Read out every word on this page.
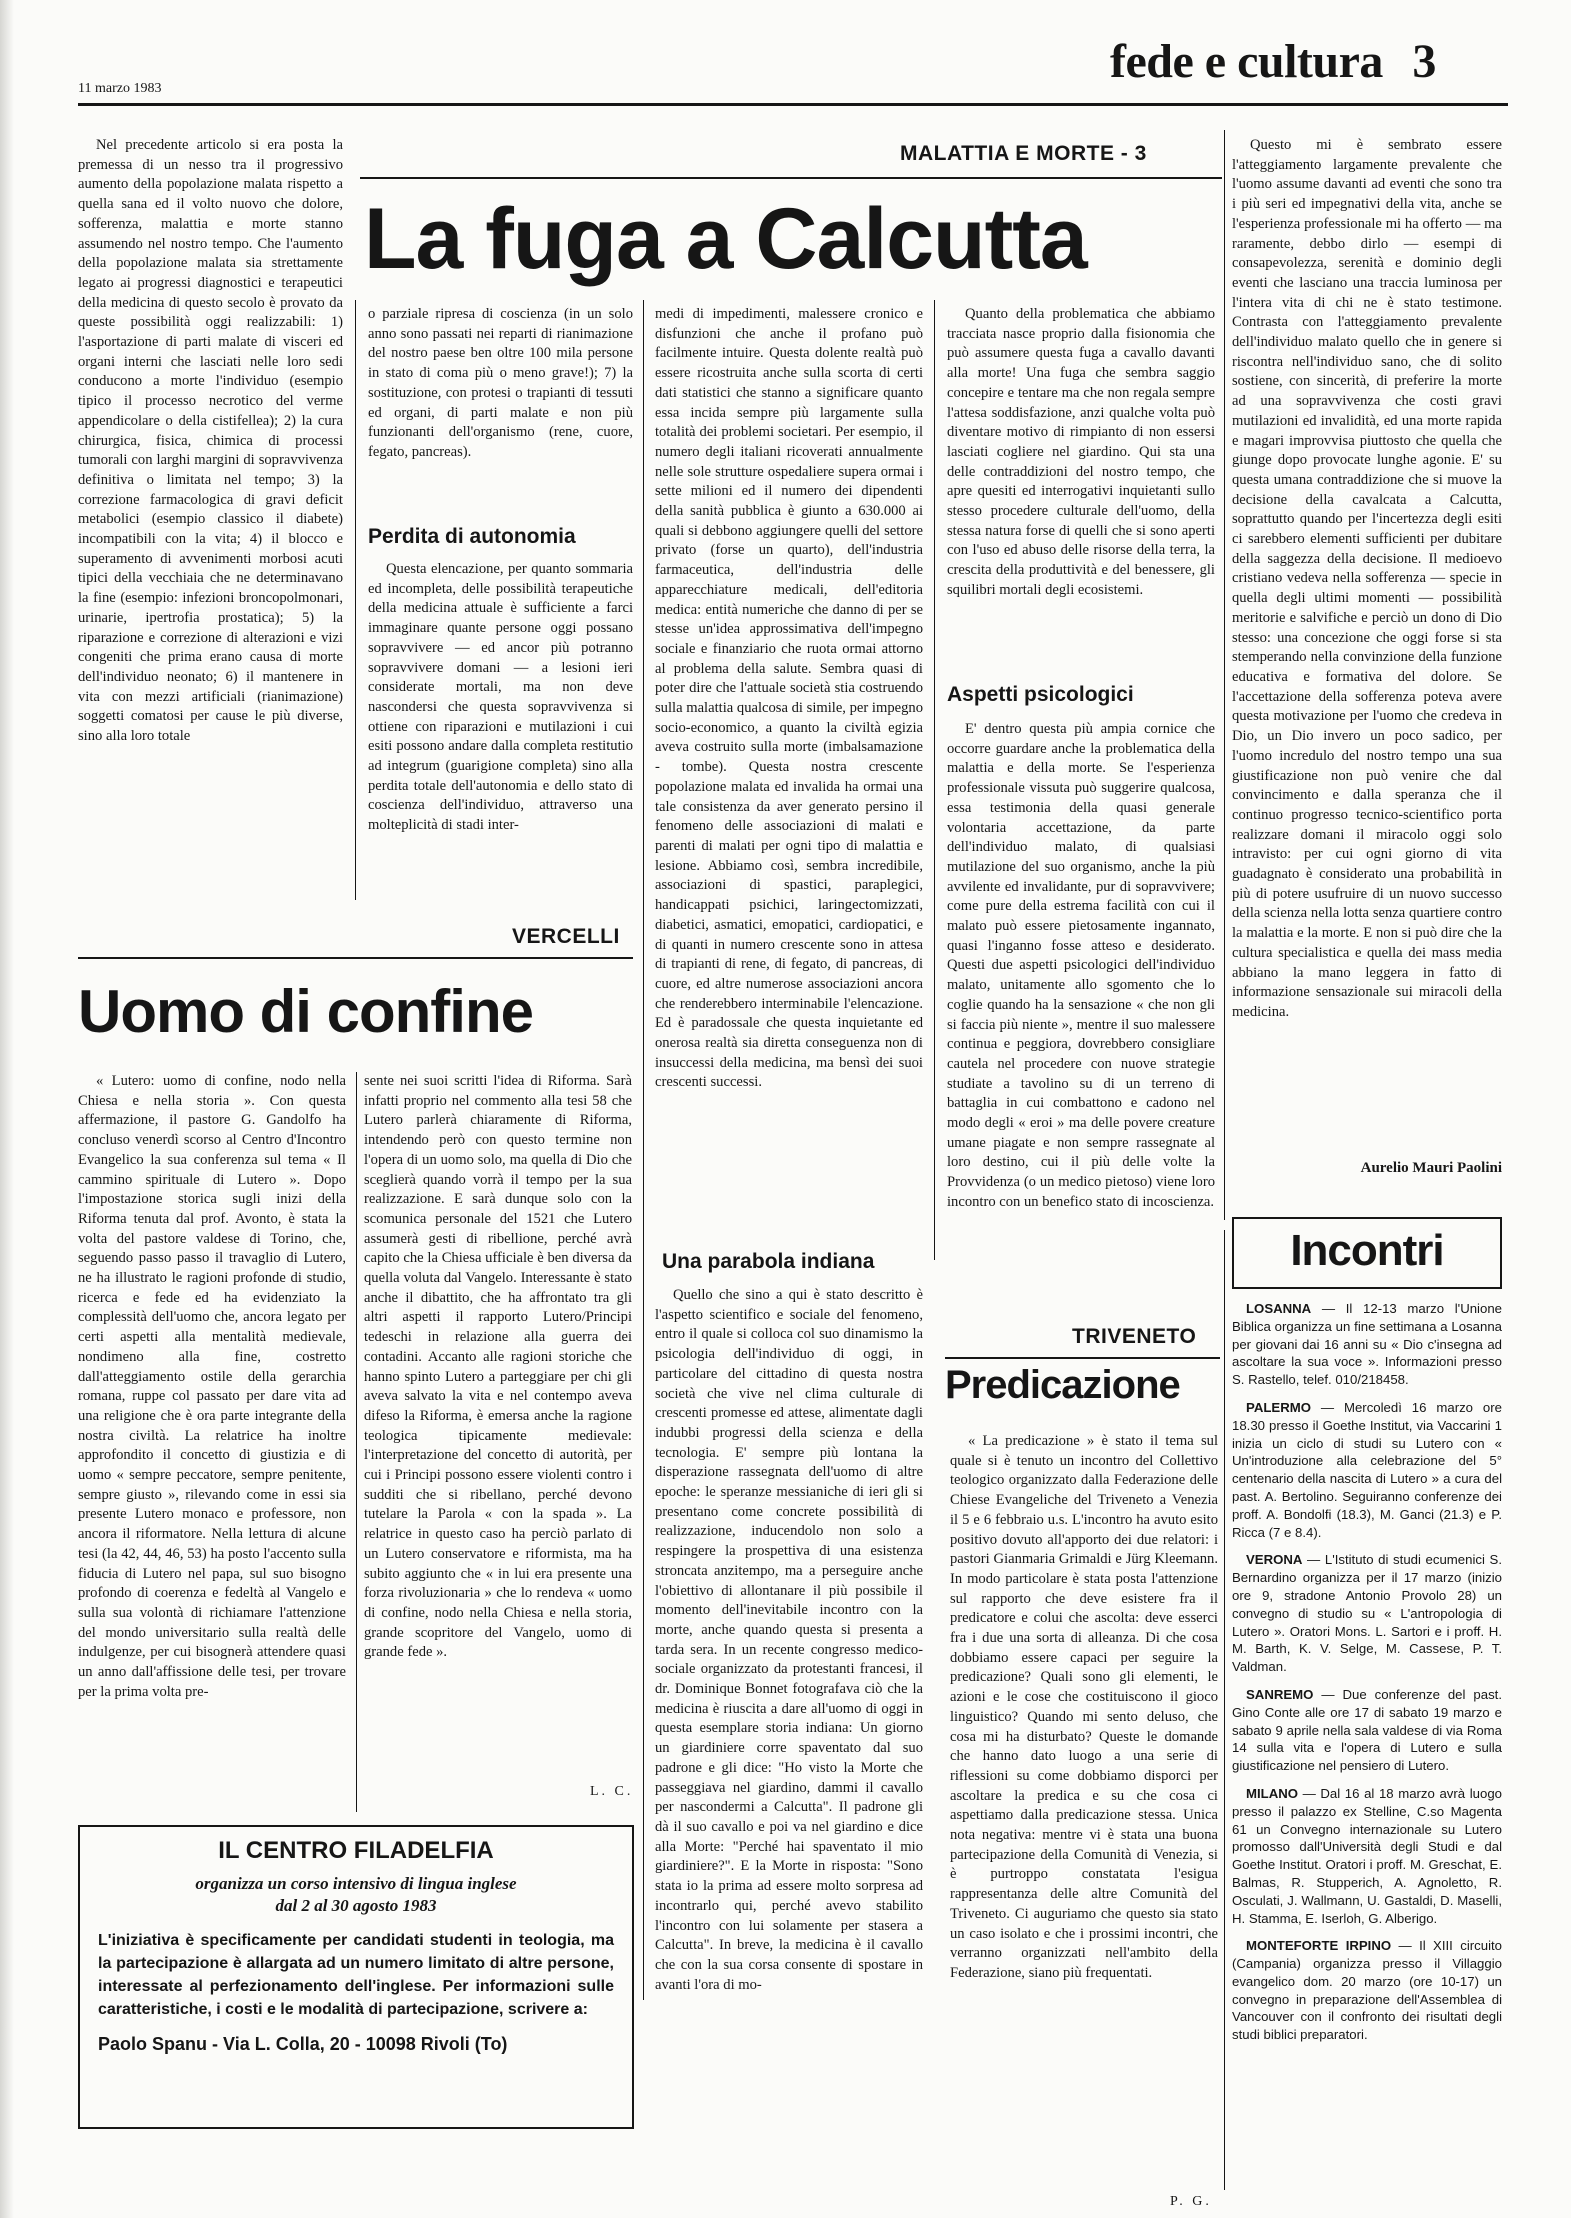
11 marzo 1983
fede e cultura 3
MALATTIA E MORTE - 3
La fuga a Calcutta

Nel precedente articolo si era posta la premessa di un nesso tra il progressivo aumento della popolazione malata rispetto a quella sana ed il volto nuovo che dolore, sofferenza, malattia e morte stanno assumendo nel nostro tempo. Che l'aumento della popolazione malata sia strettamente legato ai progressi diagnostici e terapeutici della medicina di questo secolo è provato da queste possibilità oggi realizzabili: 1) l'asportazione di parti malate di visceri ed organi interni che lasciati nelle loro sedi conducono a morte l'individuo (esempio tipico il processo necrotico del verme appendicolare o della cistifellea); 2) la cura chirurgica, fisica, chimica di processi tumorali con larghi margini di sopravvivenza definitiva o limitata nel tempo; 3) la correzione farmacologica di gravi deficit metabolici (esempio classico il diabete) incompatibili con la vita; 4) il blocco e superamento di avvenimenti morbosi acuti tipici della vecchiaia che ne determinavano la fine (esempio: infezioni broncopolmonari, urinarie, ipertrofia prostatica); 5) la riparazione e correzione di alterazioni e vizi congeniti che prima erano causa di morte dell'individuo neonato; 6) il mantenere in vita con mezzi artificiali (rianimazione) soggetti comatosi per cause le più diverse, sino alla loro totale

o parziale ripresa di coscienza (in un solo anno sono passati nei reparti di rianimazione del nostro paese ben oltre 100 mila persone in stato di coma più o meno grave!); 7) la sostituzione, con protesi o trapianti di tessuti ed organi, di parti malate e non più funzionanti dell'organismo (rene, cuore, fegato, pancreas).

Perdita di autonomia

Questa elencazione, per quanto sommaria ed incompleta, delle possibilità terapeutiche della medicina attuale è sufficiente a farci immaginare quante persone oggi possano sopravvivere — ed ancor più potranno sopravvivere domani — a lesioni ieri considerate mortali, ma non deve nascondersi che questa sopravvivenza si ottiene con riparazioni e mutilazioni i cui esiti possono andare dalla completa restitutio ad integrum (guarigione completa) sino alla perdita totale dell'autonomia e dello stato di coscienza dell'individuo, attraverso una molteplicità di stadi inter-

medi di impedimenti, malessere cronico e disfunzioni che anche il profano può facilmente intuire. Questa dolente realtà può essere ricostruita anche sulla scorta di certi dati statistici che stanno a significare quanto essa incida sempre più largamente sulla totalità dei problemi societari. Per esempio, il numero degli italiani ricoverati annualmente nelle sole strutture ospedaliere supera ormai i sette milioni ed il numero dei dipendenti della sanità pubblica è giunto a 630.000 ai quali si debbono aggiungere quelli del settore privato (forse un quarto), dell'industria farmaceutica, dell'industria delle apparecchiature medicali, dell'editoria medica: entità numeriche che danno di per se stesse un'idea approssimativa dell'impegno sociale e finanziario che ruota ormai attorno al problema della salute. Sembra quasi di poter dire che l'attuale società stia costruendo sulla malattia qualcosa di simile, per impegno socio-economico, a quanto la civiltà egizia aveva costruito sulla morte (imbalsamazione - tombe). Questa nostra crescente popolazione malata ed invalida ha ormai una tale consistenza da aver generato persino il fenomeno delle associazioni di malati e parenti di malati per ogni tipo di malattia e lesione. Abbiamo così, sembra incredibile, associazioni di spastici, paraplegici, handicappati psichici, laringectomizzati, diabetici, asmatici, emopatici, cardiopatici, e di quanti in numero crescente sono in attesa di trapianti di rene, di fegato, di pancreas, di cuore, ed altre numerose associazioni ancora che renderebbero interminabile l'elencazione. Ed è paradossale che questa inquietante ed onerosa realtà sia diretta conseguenza non di insuccessi della medicina, ma bensì dei suoi crescenti successi.

Una parabola indiana

Quello che sino a qui è stato descritto è l'aspetto scientifico e sociale del fenomeno, entro il quale si colloca col suo dinamismo la psicologia dell'individuo di oggi, in particolare del cittadino di questa nostra società che vive nel clima culturale di crescenti promesse ed attese, alimentate dagli indubbi progressi della scienza e della tecnologia. E' sempre più lontana la disperazione rassegnata dell'uomo di altre epoche: le speranze messianiche di ieri gli si presentano come concrete possibilità di realizzazione, inducendolo non solo a respingere la prospettiva di una esistenza stroncata anzitempo, ma a perseguire anche l'obiettivo di allontanare il più possibile il momento dell'inevitabile incontro con la morte, anche quando questa si presenta a tarda sera. In un recente congresso medico-sociale organizzato da protestanti francesi, il dr. Dominique Bonnet fotografava ciò che la medicina è riuscita a dare all'uomo di oggi in questa esemplare storia indiana: Un giorno un giardiniere corre spaventato dal suo padrone e gli dice: "Ho visto la Morte che passeggiava nel giardino, dammi il cavallo per nascondermi a Calcutta". Il padrone gli dà il suo cavallo e poi va nel giardino e dice alla Morte: "Perché hai spaventato il mio giardiniere?". E la Morte in risposta: "Sono stata io la prima ad essere molto sorpresa ad incontrarlo qui, perché avevo stabilito l'incontro con lui solamente per stasera a Calcutta". In breve, la medicina è il cavallo che con la sua corsa consente di spostare in avanti l'ora di mo-

Quanto della problematica che abbiamo tracciata nasce proprio dalla fisionomia che può assumere questa fuga a cavallo davanti alla morte! Una fuga che sembra saggio concepire e tentare ma che non regala sempre l'attesa soddisfazione, anzi qualche volta può diventare motivo di rimpianto di non essersi lasciati cogliere nel giardino. Qui sta una delle contraddizioni del nostro tempo, che apre quesiti ed interrogativi inquietanti sullo stesso procedere culturale dell'uomo, della stessa natura forse di quelli che si sono aperti con l'uso ed abuso delle risorse della terra, la crescita della produttività e del benessere, gli squilibri mortali degli ecosistemi.

Aspetti psicologici

E' dentro questa più ampia cornice che occorre guardare anche la problematica della malattia e della morte. Se l'esperienza professionale vissuta può suggerire qualcosa, essa testimonia della quasi generale volontaria accettazione, da parte dell'individuo malato, di qualsiasi mutilazione del suo organismo, anche la più avvilente ed invalidante, pur di sopravvivere; come pure della estrema facilità con cui il malato può essere pietosamente ingannato, quasi l'inganno fosse atteso e desiderato. Questi due aspetti psicologici dell'individuo malato, unitamente allo sgomento che lo coglie quando ha la sensazione « che non gli si faccia più niente », mentre il suo malessere continua e peggiora, dovrebbero consigliare cautela nel procedere con nuove strategie studiate a tavolino su di un terreno di battaglia in cui combattono e cadono nel modo degli « eroi » ma delle povere creature umane piagate e non sempre rassegnate al loro destino, cui il più delle volte la Provvidenza (o un medico pietoso) viene loro incontro con un benefico stato di incoscienza.

Questo mi è sembrato essere l'atteggiamento largamente prevalente che l'uomo assume davanti ad eventi che sono tra i più seri ed impegnativi della vita, anche se l'esperienza professionale mi ha offerto — ma raramente, debbo dirlo — esempi di consapevolezza, serenità e dominio degli eventi che lasciano una traccia luminosa per l'intera vita di chi ne è stato testimone. Contrasta con l'atteggiamento prevalente dell'individuo malato quello che in genere si riscontra nell'individuo sano, che di solito sostiene, con sincerità, di preferire la morte ad una sopravvivenza che costi gravi mutilazioni ed invalidità, ed una morte rapida e magari improvvisa piuttosto che quella che giunge dopo provocate lunghe agonie. E' su questa umana contraddizione che si muove la decisione della cavalcata a Calcutta, soprattutto quando per l'incertezza degli esiti ci sarebbero elementi sufficienti per dubitare della saggezza della decisione. Il medioevo cristiano vedeva nella sofferenza — specie in quella degli ultimi momenti — possibilità meritorie e salvifiche e perciò un dono di Dio stesso: una concezione che oggi forse si sta stemperando nella convinzione della funzione educativa e formativa del dolore. Se l'accettazione della sofferenza poteva avere questa motivazione per l'uomo che credeva in Dio, un Dio invero un poco sadico, per l'uomo incredulo del nostro tempo una sua giustificazione non può venire che dal convincimento e dalla speranza che il continuo progresso tecnico-scientifico porta realizzare domani il miracolo oggi solo intravisto: per cui ogni giorno di vita guadagnato è considerato una probabilità in più di potere usufruire di un nuovo successo della scienza nella lotta senza quartiere contro la malattia e la morte. E non si può dire che la cultura specialistica e quella dei mass media abbiano la mano leggera in fatto di informazione sensazionale sui miracoli della medicina.

Aurelio Mauri Paolini
VERCELLI
Uomo di confine

« Lutero: uomo di confine, nodo nella Chiesa e nella storia ». Con questa affermazione, il pastore G. Gandolfo ha concluso venerdì scorso al Centro d'Incontro Evangelico la sua conferenza sul tema « Il cammino spirituale di Lutero ». Dopo l'impostazione storica sugli inizi della Riforma tenuta dal prof. Avonto, è stata la volta del pastore valdese di Torino, che, seguendo passo passo il travaglio di Lutero, ne ha illustrato le ragioni profonde di studio, ricerca e fede ed ha evidenziato la complessità dell'uomo che, ancora legato per certi aspetti alla mentalità medievale, nondimeno alla fine, costretto dall'atteggiamento ostile della gerarchia romana, ruppe col passato per dare vita ad una religione che è ora parte integrante della nostra civiltà. La relatrice ha inoltre approfondito il concetto di giustizia e di uomo « sempre peccatore, sempre penitente, sempre giusto », rilevando come in essi sia presente Lutero monaco e professore, non ancora il riformatore. Nella lettura di alcune tesi (la 42, 44, 46, 53) ha posto l'accento sulla fiducia di Lutero nel papa, sul suo bisogno profondo di coerenza e fedeltà al Vangelo e sulla sua volontà di richiamare l'attenzione del mondo universitario sulla realtà delle indulgenze, per cui bisognerà attendere quasi un anno dall'affissione delle tesi, per trovare per la prima volta pre-

sente nei suoi scritti l'idea di Riforma. Sarà infatti proprio nel commento alla tesi 58 che Lutero parlerà chiaramente di Riforma, intendendo però con questo termine non l'opera di un uomo solo, ma quella di Dio che sceglierà quando vorrà il tempo per la sua realizzazione. E sarà dunque solo con la scomunica personale del 1521 che Lutero assumerà gesti di ribellione, perché avrà capito che la Chiesa ufficiale è ben diversa da quella voluta dal Vangelo. Interessante è stato anche il dibattito, che ha affrontato tra gli altri aspetti il rapporto Lutero/Principi tedeschi in relazione alla guerra dei contadini. Accanto alle ragioni storiche che hanno spinto Lutero a parteggiare per chi gli aveva salvato la vita e nel contempo aveva difeso la Riforma, è emersa anche la ragione teologica tipicamente medievale: l'interpretazione del concetto di autorità, per cui i Principi possono essere violenti contro i sudditi che si ribellano, perché devono tutelare la Parola « con la spada ». La relatrice in questo caso ha perciò parlato di un Lutero conservatore e riformista, ma ha subito aggiunto che « in lui era presente una forza rivoluzionaria » che lo rendeva « uomo di confine, nodo nella Chiesa e nella storia, grande scopritore del Vangelo, uomo di grande fede ».

L. C.
IL CENTRO FILADELFIA
organizza un corso intensivo di lingua inglese
dal 2 al 30 agosto 1983
L'iniziativa è specificamente per candidati studenti in teologia, ma la partecipazione è allargata ad un numero limitato di altre persone, interessate al perfezionamento dell'inglese. Per informazioni sulle caratteristiche, i costi e le modalità di partecipazione, scrivere a:
Paolo Spanu - Via L. Colla, 20 - 10098 Rivoli (To)
TRIVENETO
Predicazione

« La predicazione » è stato il tema sul quale si è tenuto un incontro del Collettivo teologico organizzato dalla Federazione delle Chiese Evangeliche del Triveneto a Venezia il 5 e 6 febbraio u.s. L'incontro ha avuto esito positivo dovuto all'apporto dei due relatori: i pastori Gianmaria Grimaldi e Jürg Kleemann. In modo particolare è stata posta l'attenzione sul rapporto che deve esistere fra il predicatore e colui che ascolta: deve esserci fra i due una sorta di alleanza. Di che cosa dobbiamo essere capaci per seguire la predicazione? Quali sono gli elementi, le azioni e le cose che costituiscono il gioco linguistico? Quando mi sento deluso, che cosa mi ha disturbato? Queste le domande che hanno dato luogo a una serie di riflessioni su come dobbiamo disporci per ascoltare la predica e su che cosa ci aspettiamo dalla predicazione stessa. Unica nota negativa: mentre vi è stata una buona partecipazione della Comunità di Venezia, si è purtroppo constatata l'esigua rappresentanza delle altre Comunità del Triveneto. Ci auguriamo che questo sia stato un caso isolato e che i prossimi incontri, che verranno organizzati nell'ambito della Federazione, siano più frequentati.

P. G.
Incontri

LOSANNA — Il 12-13 marzo l'Unione Biblica organizza un fine settimana a Losanna per giovani dai 16 anni su « Dio c'insegna ad ascoltare la sua voce ». Informazioni presso S. Rastello, telef. 010/218458.

PALERMO — Mercoledì 16 marzo ore 18.30 presso il Goethe Institut, via Vaccarini 1 inizia un ciclo di studi su Lutero con « Un'introduzione alla celebrazione del 5° centenario della nascita di Lutero » a cura del past. A. Bertolino. Seguiranno conferenze dei proff. A. Bondolfi (18.3), M. Ganci (21.3) e P. Ricca (7 e 8.4).

VERONA — L'Istituto di studi ecumenici S. Bernardino organizza per il 17 marzo (inizio ore 9, stradone Antonio Provolo 28) un convegno di studio su « L'antropologia di Lutero ». Oratori Mons. L. Sartori e i proff. H. M. Barth, K. V. Selge, M. Cassese, P. T. Valdman.

SANREMO — Due conferenze del past. Gino Conte alle ore 17 di sabato 19 marzo e sabato 9 aprile nella sala valdese di via Roma 14 sulla vita e l'opera di Lutero e sulla giustificazione nel pensiero di Lutero.

MILANO — Dal 16 al 18 marzo avrà luogo presso il palazzo ex Stelline, C.so Magenta 61 un Convegno internazionale su Lutero promosso dall'Università degli Studi e dal Goethe Institut. Oratori i proff. M. Greschat, E. Balmas, R. Stupperich, A. Agnoletto, R. Osculati, J. Wallmann, U. Gastaldi, D. Maselli, H. Stamma, E. Iserloh, G. Alberigo.

MONTEFORTE IRPINO — Il XIII circuito (Campania) organizza presso il Villaggio evangelico dom. 20 marzo (ore 10-17) un convegno in preparazione dell'Assemblea di Vancouver con il confronto dei risultati degli studi biblici preparatori.
